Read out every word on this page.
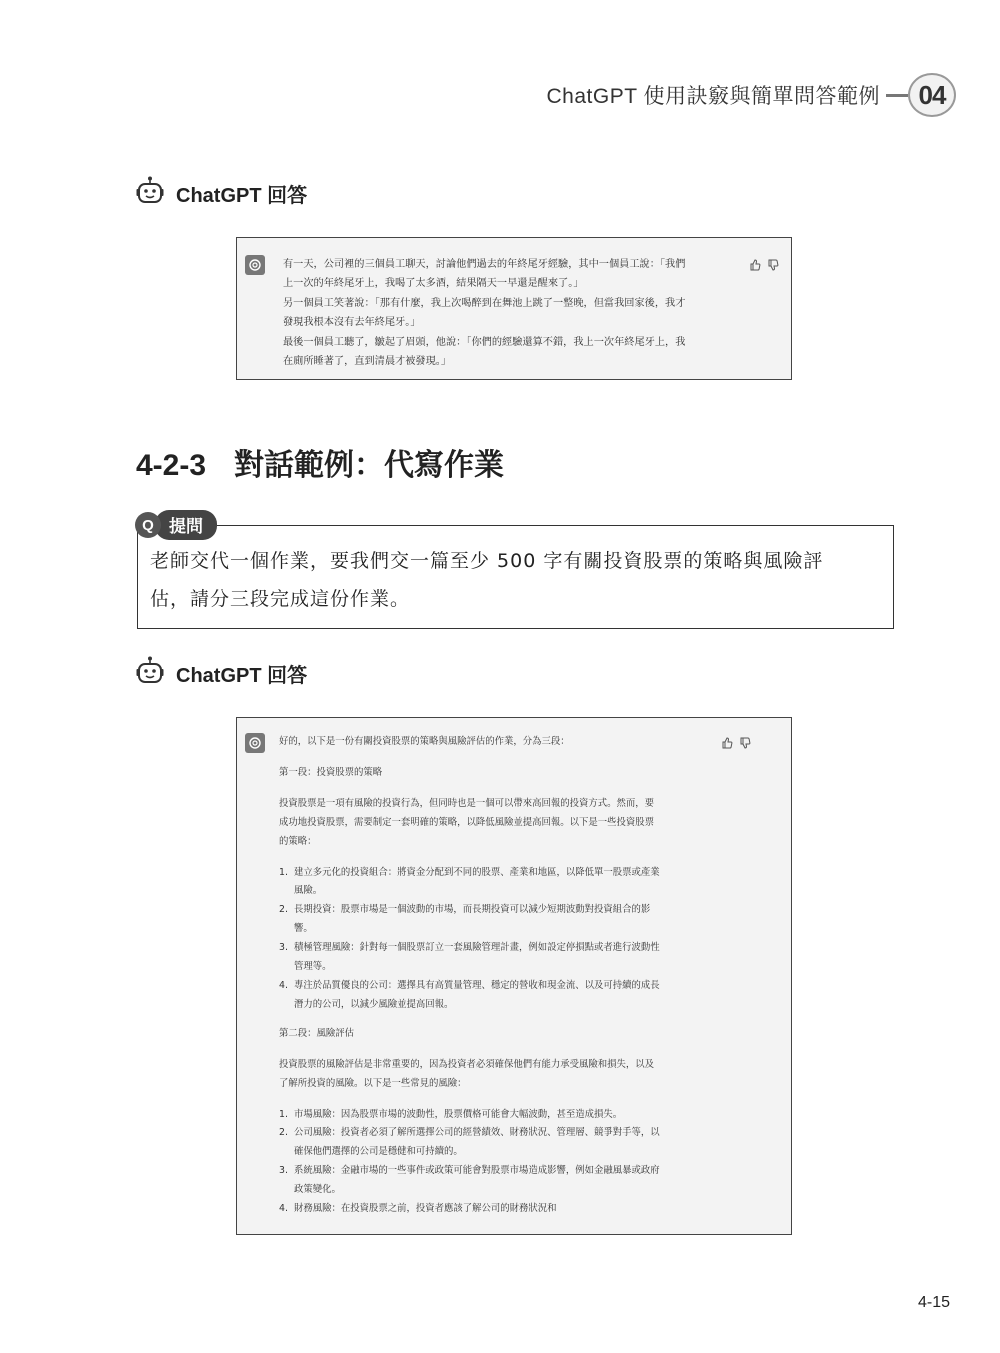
ChatGPT 使用訣竅與簡單問答範例	04
ChatGPT 回答

有一天，公司裡的三個員工聊天，討論他們過去的年終尾牙經驗，其中一個員工說：「我們

上一次的年終尾牙上，我喝了太多酒，結果隔天一早還是醒來了。」

另一個員工笑著說：「那有什麼，我上次喝醉到在舞池上跳了一整晚，但當我回家後，我才

發現我根本沒有去年終尾牙。」

最後一個員工聽了，皺起了眉頭，他說：「你們的經驗還算不錯，我上一次年終尾牙上，我

在廁所睡著了，直到清晨才被發現。」

4-2-3 對話範例：代寫作業
老師交代一個作業，要我們交一篇至少 500 字有關投資股票的策略與風險評
估，請分三段完成這份作業。
Q 提問
ChatGPT 回答

好的，以下是一份有關投資股票的策略與風險評估的作業，分為三段：

第一段：投資股票的策略

投資股票是一項有風險的投資行為，但同時也是一個可以帶來高回報的投資方式。然而，要

成功地投資股票，需要制定一套明確的策略，以降低風險並提高回報。以下是一些投資股票

的策略：

1. 建立多元化的投資組合：將資金分配到不同的股票、產業和地區，以降低單一股票或產業
風險。
2. 長期投資：股票市場是一個波動的市場，而長期投資可以減少短期波動對投資組合的影
響。
3. 積極管理風險：針對每一個股票訂立一套風險管理計畫，例如設定停損點或者進行波動性
管理等。
4. 專注於品質優良的公司：選擇具有高質量管理、穩定的營收和現金流、以及可持續的成長
潛力的公司，以減少風險並提高回報。

第二段：風險評估

投資股票的風險評估是非常重要的，因為投資者必須確保他們有能力承受風險和損失，以及

了解所投資的風險。以下是一些常見的風險：

1. 市場風險：因為股票市場的波動性，股票價格可能會大幅波動，甚至造成損失。
2. 公司風險：投資者必須了解所選擇公司的經營績效、財務狀況、管理層、競爭對手等，以
確保他們選擇的公司是穩健和可持續的。
3. 系統風險：金融市場的一些事件或政策可能會對股票市場造成影響，例如金融風暴或政府
政策變化。
4. 財務風險：在投資股票之前，投資者應該了解公司的財務狀況和
4-15
